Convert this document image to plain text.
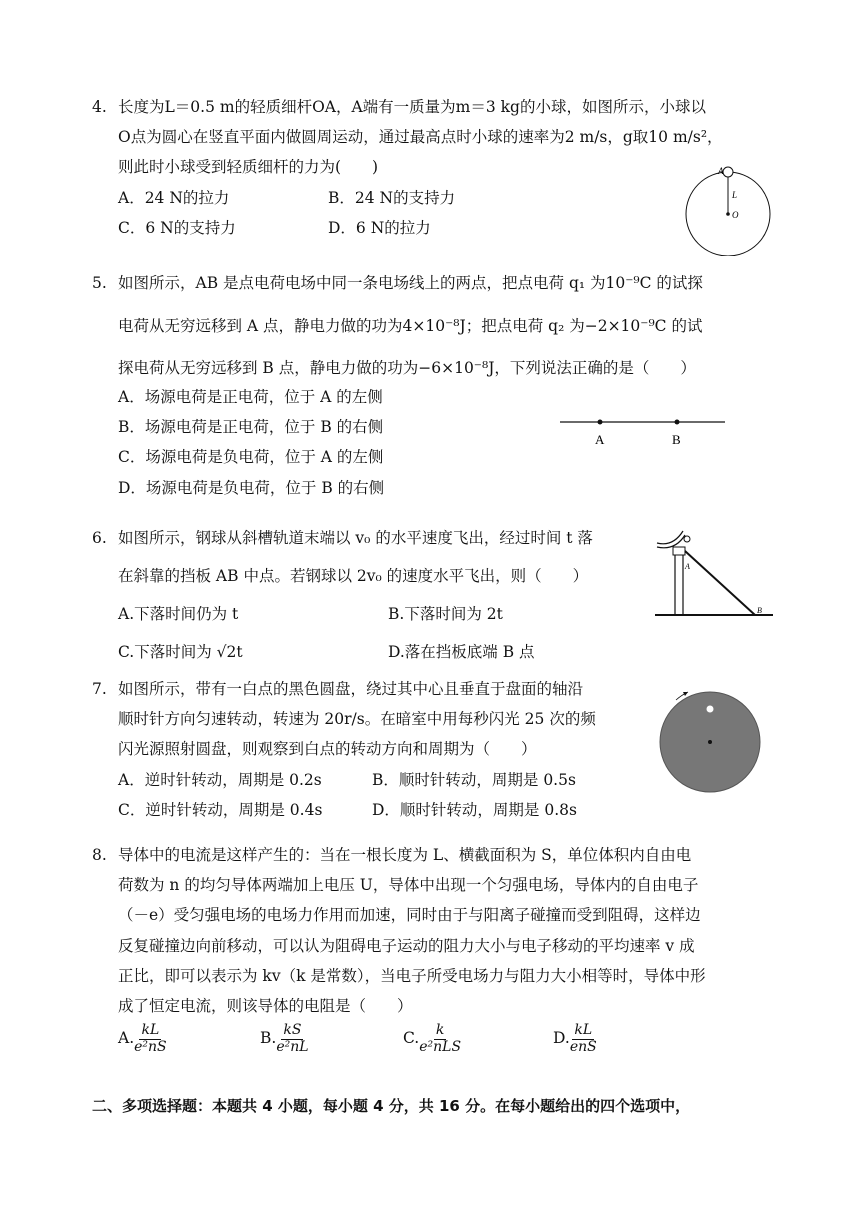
4. 长度为L＝0.5 m的轻质细杆OA，A端有一质量为m＝3 kg的小球，如图所示，小球以
O点为圆心在竖直平面内做圆周运动，通过最高点时小球的速率为2 m/s，g取10 m/s²，
则此时小球受到轻质细杆的力为(　　)
A．24 N的拉力	B．24 N的支持力
C．6 N的支持力	D．6 N的拉力
A
L
O
5. 如图所示，AB 是点电荷电场中同一条电场线上的两点，把点电荷 q₁ 为10⁻⁹C 的试探
电荷从无穷远移到 A 点，静电力做的功为4×10⁻⁸J；把点电荷 q₂ 为−2×10⁻⁹C 的试
探电荷从无穷远移到 B 点，静电力做的功为−6×10⁻⁸J，下列说法正确的是（　　）
A．场源电荷是正电荷，位于 A 的左侧
B．场源电荷是正电荷，位于 B 的右侧
C．场源电荷是负电荷，位于 A 的左侧
D．场源电荷是负电荷，位于 B 的右侧
A	B
6. 如图所示，钢球从斜槽轨道末端以 v₀ 的水平速度飞出，经过时间 t 落
在斜靠的挡板 AB 中点。若钢球以 2v₀ 的速度水平飞出，则（　　）
A.下落时间仍为 t	B.下落时间为 2t
C.下落时间为 √2t	D.落在挡板底端 B 点
A
B
7. 如图所示，带有一白点的黑色圆盘，绕过其中心且垂直于盘面的轴沿
顺时针方向匀速转动，转速为 20r/s。在暗室中用每秒闪光 25 次的频
闪光源照射圆盘，则观察到白点的转动方向和周期为（　　）
A．逆时针转动，周期是 0.2s	B．顺时针转动，周期是 0.5s
C．逆时针转动，周期是 0.4s	D．顺时针转动，周期是 0.8s
8. 导体中的电流是这样产生的：当在一根长度为 L、横截面积为 S，单位体积内自由电
荷数为 n 的均匀导体两端加上电压 U，导体中出现一个匀强电场，导体内的自由电子
（－e）受匀强电场的电场力作用而加速，同时由于与阳离子碰撞而受到阻碍，这样边
反复碰撞边向前移动，可以认为阻碍电子运动的阻力大小与电子移动的平均速率 v 成
正比，即可以表示为 kv（k 是常数），当电子所受电场力与阻力大小相等时，导体中形
成了恒定电流，则该导体的电阻是（　　）
A. $\frac{kL}{\text{e²nS}}$	B. $\frac{kS}{\text{e²nL}}$	C. $\frac{k}{\text{e²nLS}}$	D. $\frac{kL}{\text{enS}}$
二、多项选择题：本题共 4 小题，每小题 4 分，共 16 分。在每小题给出的四个选项中，
